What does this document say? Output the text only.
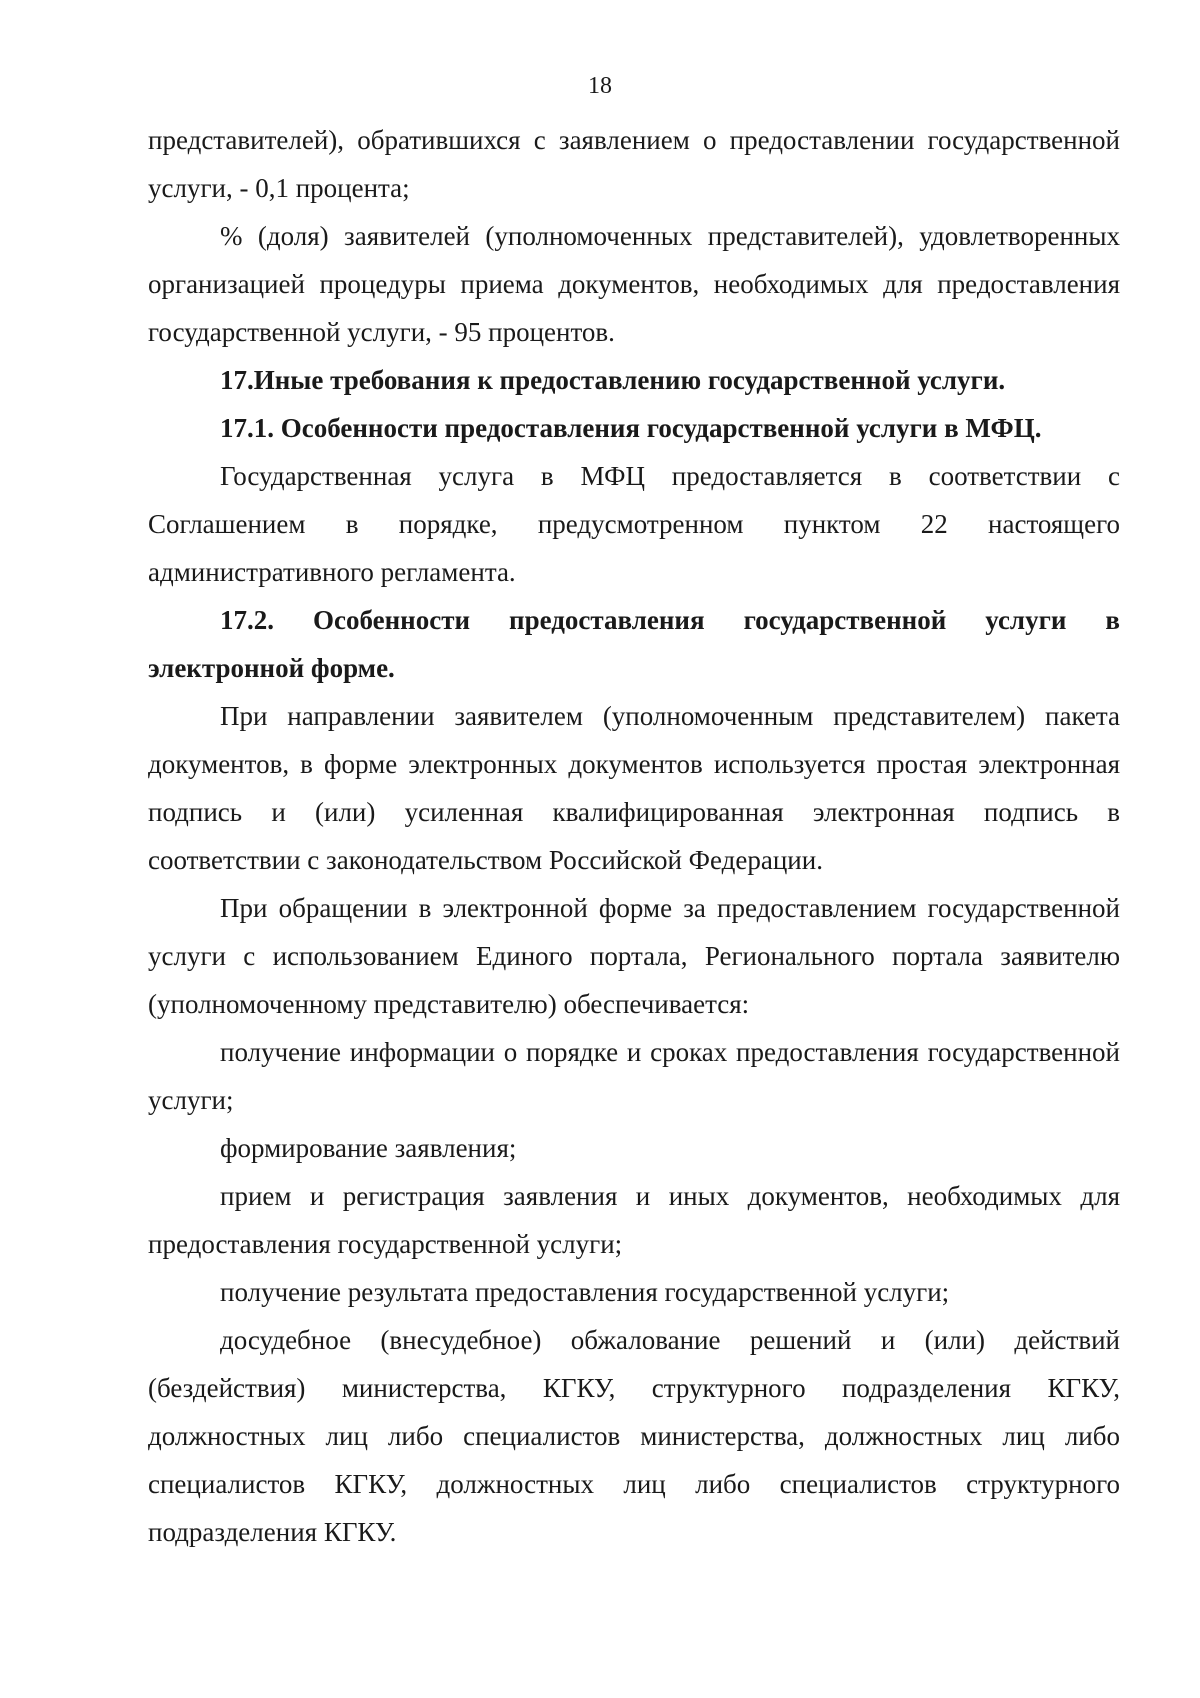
18

представителей), обратившихся с заявлением о предоставлении государственной услуги, - 0,1 процента;

% (доля) заявителей (уполномоченных представителей), удовлетворенных организацией процедуры приема документов, необходимых для предоставления государственной услуги, - 95 процентов.

17.Иные требования к предоставлению государственной услуги.

17.1. Особенности предоставления государственной услуги в МФЦ.

Государственная услуга в МФЦ предоставляется в соответствии с Соглашением в порядке, предусмотренном пунктом 22 настоящего административного регламента.

17.2. Особенности предоставления государственной услуги в электронной форме.

При направлении заявителем (уполномоченным представителем) пакета документов, в форме электронных документов используется простая электронная подпись и (или) усиленная квалифицированная электронная подпись в соответствии с законодательством Российской Федерации.

При обращении в электронной форме за предоставлением государственной услуги с использованием Единого портала, Регионального портала заявителю (уполномоченному представителю) обеспечивается:

получение информации о порядке и сроках предоставления государственной услуги;

формирование заявления;

прием и регистрация заявления и иных документов, необходимых для предоставления государственной услуги;

получение результата предоставления государственной услуги;

досудебное (внесудебное) обжалование решений и (или) действий (бездействия) министерства, КГКУ, структурного подразделения КГКУ, должностных лиц либо специалистов министерства, должностных лиц либо специалистов КГКУ, должностных лиц либо специалистов структурного подразделения КГКУ.
